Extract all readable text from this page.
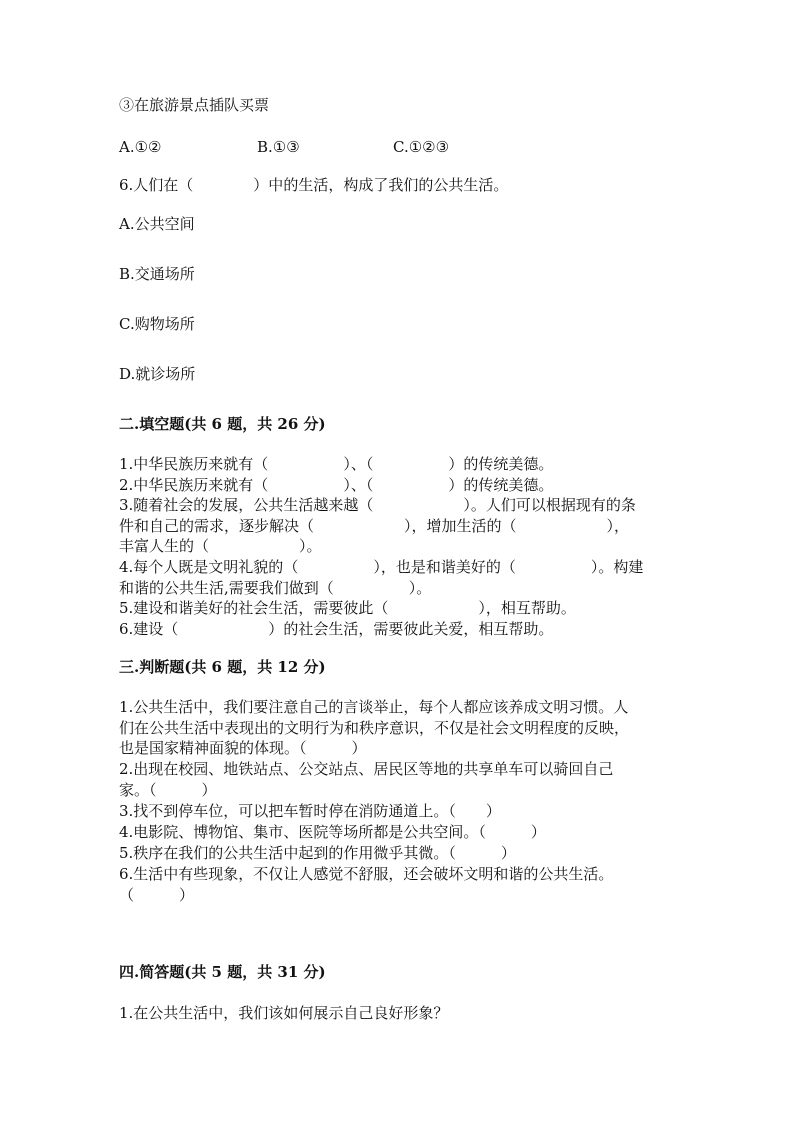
③在旅游景点插队买票
A.①②	B.①③	C.①②③
6.人们在（　　　　）中的生活，构成了我们的公共生活。
A.公共空间
B.交通场所
C.购物场所
D.就诊场所
二.填空题(共 6 题，共 26 分)
1.中华民族历来就有（　　　　　）、（　　　　　）的传统美德。
2.中华民族历来就有（　　　　　）、（　　　　　）的传统美德。
3.随着社会的发展，公共生活越来越（　　　　　　）。人们可以根据现有的条
件和自己的需求，逐步解决（　　　　　　），增加生活的（　　　　　　），
丰富人生的（　　　　　　）。
4.每个人既是文明礼貌的（　　　　　），也是和谐美好的（　　　　　）。构建
和谐的公共生活,需要我们做到（　　　　　）。
5.建设和谐美好的社会生活，需要彼此（　　　　　　），相互帮助。
6.建设（　　　　　　）的社会生活，需要彼此关爱，相互帮助。
三.判断题(共 6 题，共 12 分)
1.公共生活中，我们要注意自己的言谈举止，每个人都应该养成文明习惯。人
们在公共生活中表现出的文明行为和秩序意识，不仅是社会文明程度的反映，
也是国家精神面貌的体现。（　　　）
2.出现在校园、地铁站点、公交站点、居民区等地的共享单车可以骑回自己
家。（　　　）
3.找不到停车位，可以把车暂时停在消防通道上。（　　）
4.电影院、博物馆、集市、医院等场所都是公共空间。（　　　）
5.秩序在我们的公共生活中起到的作用微乎其微。（　　　）
6.生活中有些现象，不仅让人感觉不舒服，还会破坏文明和谐的公共生活。
（　　　）
四.简答题(共 5 题，共 31 分)
1.在公共生活中，我们该如何展示自己良好形象？
